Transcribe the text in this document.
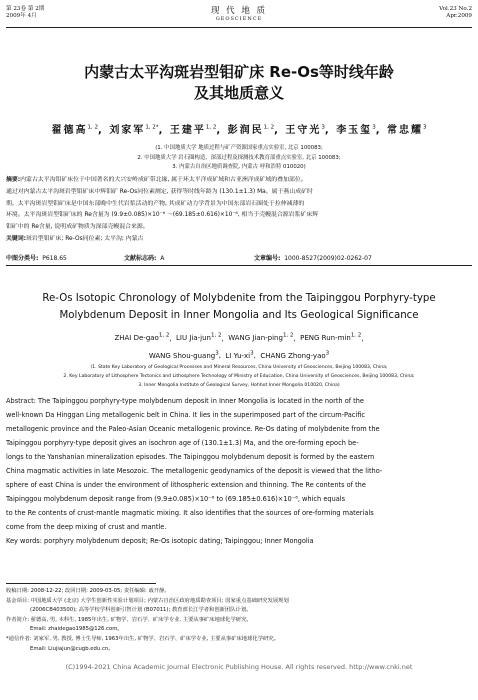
第 23卷 第 2期
2009年 4月	现 代 地 质
GEOSCIENCE
Vol.23 No.2
Apr.2009
内蒙古太平沟斑岩型钼矿床 Re-Os等时线年龄
及其地质意义
翟德高$^{1, 2}$, 刘家军$^{1, 2*}$, 王建平$^{1, 2}$, 彭润民$^{1, 2}$, 王守光$^3$, 李玉玺$^3$, 常忠耀$^3$
(1. 中国地质大学 地质过程与矿产资源国家重点实验室, 北京 100083;
2. 中国地质大学 岩石圈构造、深部过程及探测技术教育部重点实验室, 北京 100083;
3. 内蒙古自治区地质调查院, 内蒙古 呼和浩特 010020)
摘要:内蒙古太平沟钼矿床位于中国著名的大兴安岭成矿带北缘, 属于环太平洋成矿域和古亚洲洋成矿域的叠加部位。
通过对内蒙古太平沟斑岩型钼矿床中辉钼矿 Re-Os同位素测定, 获得等时线年龄为 (130.1±1.3) Ma。属于燕山成矿时
期。太平沟斑岩型钼矿床是中国东部晚中生代岩浆活动的产物, 其成矿动力学背景为中国东部岩石圈处于拉伸减薄的
环境。太平沟斑岩型钼矿床的 Re含量为 (9.9±0.085)×10⁻⁶ ～(69.185±0.616)×10⁻⁶, 相当于壳幔混合源岩浆矿床辉
钼矿中的 Re含量, 说明成矿物质为深部壳幔混合来源。
关键词:斑岩型钼矿床; Re-Os同位素; 太平沟; 内蒙古
中图分类号: P618.65	文献标志码: A	文章编号: 1000-8527(2009)02-0262-07
Re-Os Isotopic Chronology of Molybdenite from the Taipinggou Porphyry-type
Molybdenum Deposit in Inner Mongolia and Its Geological Significance
ZHAI De-gao$^{1, 2}$,  LIU Jia-jun$^{1, 2}$,  WANG Jian-ping$^{1, 2}$,  PENG Run-$\min^{1, 2}$,
WANG Shou-guang$^3$,  LI $Yu-xi^3$,  CHANG Zhong-yao$^3$
(1. State Key Laboratory of Geological Processes and Mineral Resources, China University of Geosciences, Beijing 100083, China;
2. Key Laboratory of Lithosphere Tectonics and Lithosphere Technology of Ministry of Education, China University of Geosciences, Beijing 100083, China;
3. Inner Mongolia Institute of Geological Survey, Hohhot Inner Mongolia 010020, China)
Abstract: The Taipinggou porphyry-type molybdenum deposit in Inner Mongolia is located in the north of the
well-known Da Hinggan Ling metallogenic belt in China. It lies in the superimposed part of the circum-Pacific
metallogenic province and the Paleo-Asian Oceanic metallogenic province. Re-Os dating of molybdenite from the
Taipinggou porphyry-type deposit gives an isochron age of (130.1±1.3) Ma, and the ore-forming epoch be-
longs to the Yanshanian mineralization episodes. The Taipinggou molybdenum deposit is formed by the eastern
China magmatic activities in late Mesozoic. The metallogenic geodynamics of the deposit is viewed that the litho-
sphere of east China is under the environment of lithospheric extension and thinning. The Re contents of the
Taipinggou molybdenum deposit range from (9.9±0.085)×10⁻⁶ to (69.185±0.616)×10⁻⁶, which equals
to the Re contents of crust-mantle magmatic mixing. It also identifies that the sources of ore-forming materials
come from the deep mixing of crust and mantle.
Key words: porphyry molybdenum deposit; Re-Os isotopic dating; Taipinggou; Inner Mongolia
收稿日期: 2008-12-22; 改回日期: 2009-03-05; 责任编辑: 戚开静。
基金项目: 中国地质大学 (北京) 大学生创新性实验计划项目; 内蒙古自治区政府地质勘查项目; 国家重点基础研究发展规划
(2006CB403500); 高等学校学科创新引智计划 (B07011); 教育部长江学者和创新团队计划。
作者简介: 翟德高, 男, 本科生, 1985年出生, 矿物学、岩石学、矿床学专业, 主要从事矿床地球化学研究。
Email: zhaidegao1985@126.com。
*通信作者: 刘家军, 男, 教授, 博士生导师, 1963年出生, 矿物学、岩石学、矿床学专业, 主要从事矿床地球化学研究。
Email: Liujiajun@cugb.edu.cn。
(C)1994-2021 China Academic Journal Electronic Publishing House. All rights reserved. http://www.cnki.net
